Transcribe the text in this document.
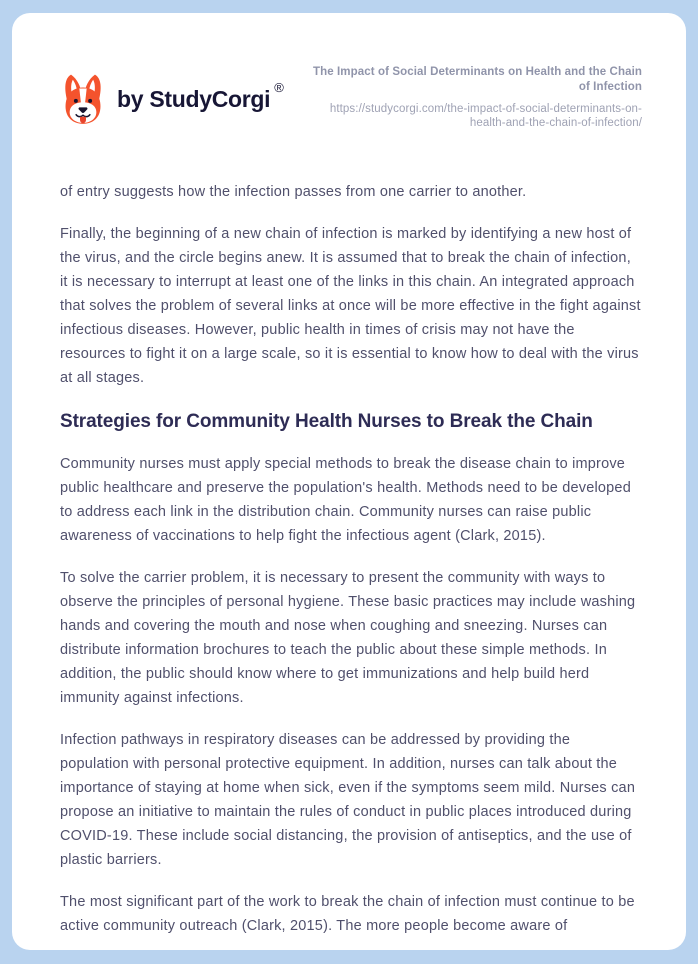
by StudyCorgi ®
The Impact of Social Determinants on Health and the Chain of Infection
https://studycorgi.com/the-impact-of-social-determinants-on-health-and-the-chain-of-infection/

of entry suggests how the infection passes from one carrier to another.

Finally, the beginning of a new chain of infection is marked by identifying a new host of the virus, and the circle begins anew. It is assumed that to break the chain of infection, it is necessary to interrupt at least one of the links in this chain. An integrated approach that solves the problem of several links at once will be more effective in the fight against infectious diseases. However, public health in times of crisis may not have the resources to fight it on a large scale, so it is essential to know how to deal with the virus at all stages.

Strategies for Community Health Nurses to Break the Chain

Community nurses must apply special methods to break the disease chain to improve public healthcare and preserve the population's health. Methods need to be developed to address each link in the distribution chain. Community nurses can raise public awareness of vaccinations to help fight the infectious agent (Clark, 2015).

To solve the carrier problem, it is necessary to present the community with ways to observe the principles of personal hygiene. These basic practices may include washing hands and covering the mouth and nose when coughing and sneezing. Nurses can distribute information brochures to teach the public about these simple methods. In addition, the public should know where to get immunizations and help build herd immunity against infections.

Infection pathways in respiratory diseases can be addressed by providing the population with personal protective equipment. In addition, nurses can talk about the importance of staying at home when sick, even if the symptoms seem mild. Nurses can propose an initiative to maintain the rules of conduct in public places introduced during COVID-19. These include social distancing, the provision of antiseptics, and the use of plastic barriers.

The most significant part of the work to break the chain of infection must continue to be active community outreach (Clark, 2015). The more people become aware of
